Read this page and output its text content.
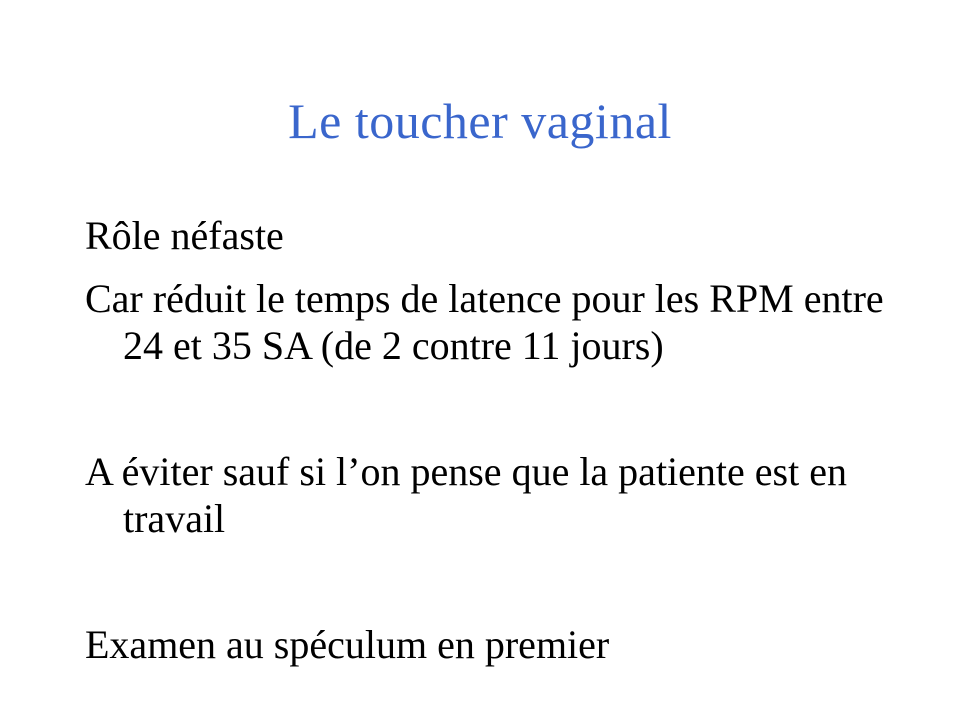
Le toucher vaginal

Rôle néfaste

Car réduit le temps de latence pour les RPM entre 24 et 35 SA (de 2 contre 11 jours)

A éviter sauf si l’on pense que la patiente est en travail

Examen au spéculum en premier
